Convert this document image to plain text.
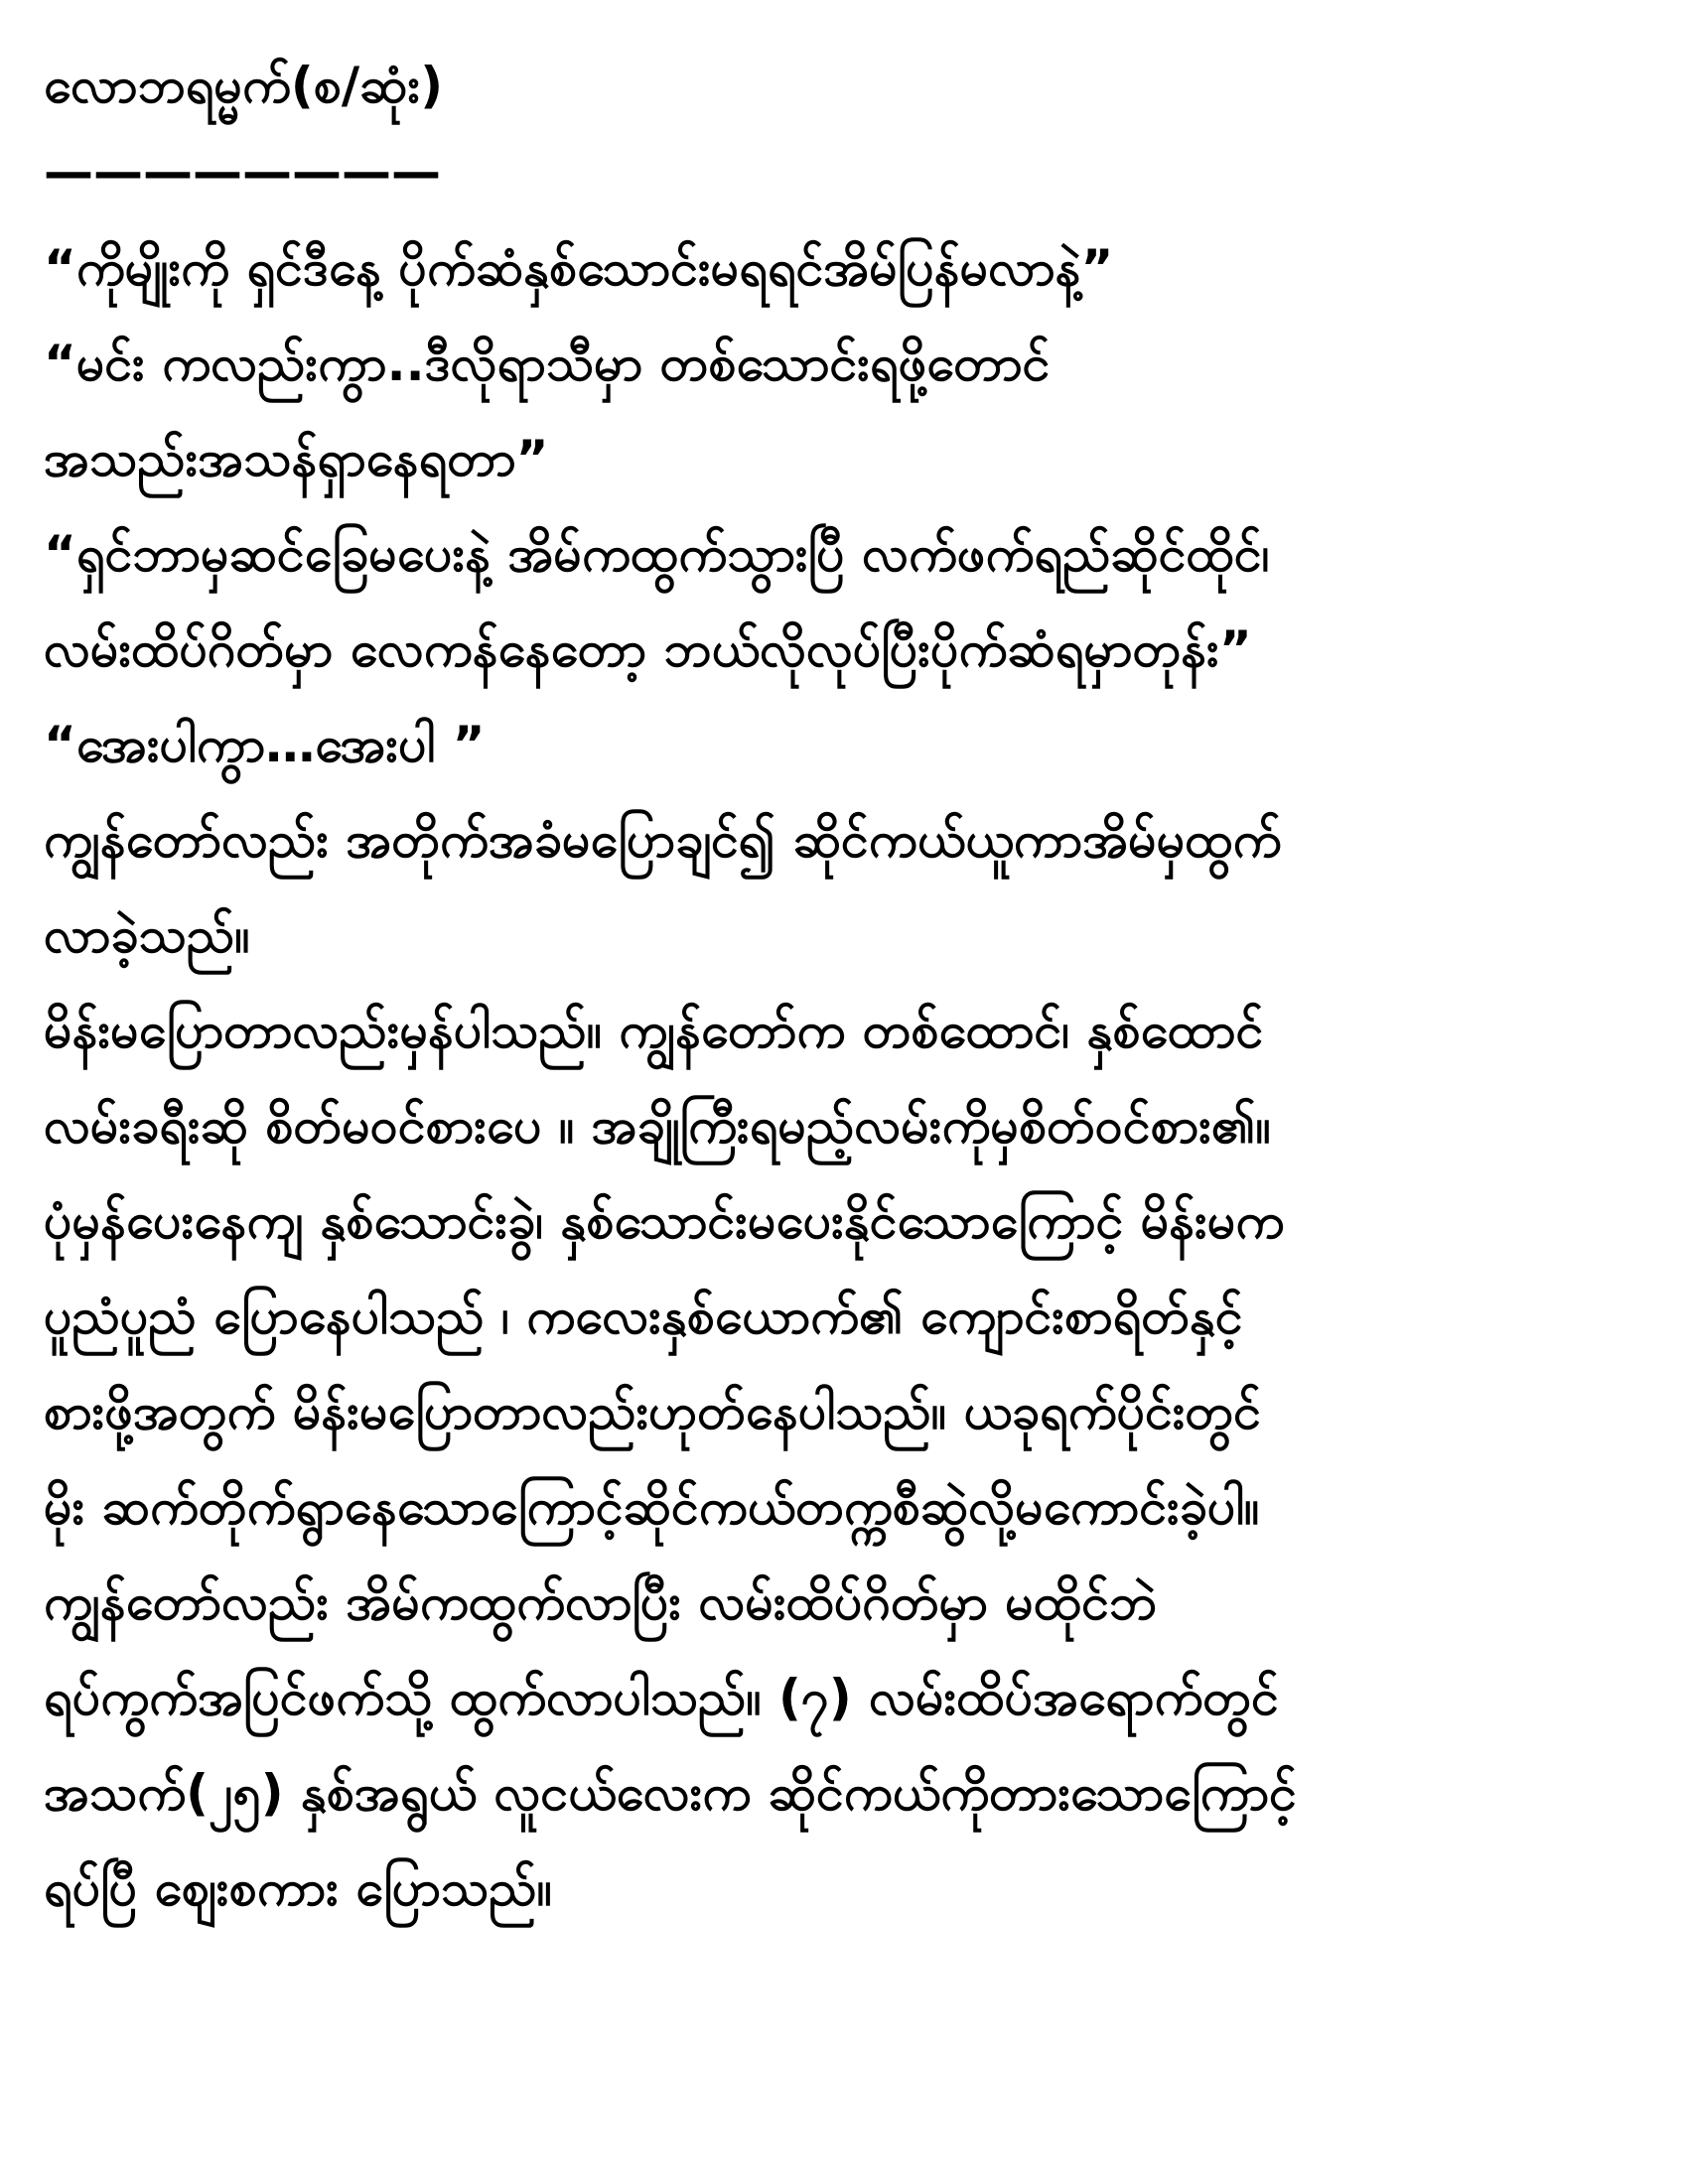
လောဘရမ္မက်(စ/ဆုံး)
————————

“ကိုမျိုးကို ရှင်ဒီနေ့ ပိုက်ဆံနှစ်သောင်းမရရင်အိမ်ပြန်မလာနဲ့”

“မင်း ကလည်းကွာ..ဒီလိုရာသီမှာ တစ်သောင်းရဖို့တောင်

အသည်းအသန်ရှာနေရတာ”

“ရှင်ဘာမှဆင်ခြေမပေးနဲ့ အိမ်ကထွက်သွားပြီ လက်ဖက်ရည်ဆိုင်ထိုင်၊

လမ်းထိပ်ဂိတ်မှာ လေကန်နေတော့ ဘယ်လိုလုပ်ပြီးပိုက်ဆံရမှာတုန်း”

“အေးပါကွာ…အေးပါ ”

ကျွန်တော်လည်း အတိုက်အခံမပြောချင်၍ ဆိုင်ကယ်ယူကာအိမ်မှထွက်

လာခဲ့သည်။

မိန်းမပြောတာလည်းမှန်ပါသည်။ ကျွန်တော်က တစ်ထောင်၊ နှစ်ထောင်

လမ်းခရီးဆို စိတ်မဝင်စားပေ ။ အချိုကြီးရမည့်လမ်းကိုမှစိတ်ဝင်စား၏။

ပုံမှန်ပေးနေကျ နှစ်သောင်းခွဲ၊ နှစ်သောင်းမပေးနိုင်သောကြောင့် မိန်းမက

ပူညံပူညံ ပြောနေပါသည် ၊ ကလေးနှစ်ယောက်၏ ကျောင်းစာရိတ်နှင့်

စားဖို့အတွက် မိန်းမပြောတာလည်းဟုတ်နေပါသည်။ ယခုရက်ပိုင်းတွင်

မိုး ဆက်တိုက်ရွာနေသောကြောင့်ဆိုင်ကယ်တက္ကစီဆွဲလို့မကောင်းခဲ့ပါ။

ကျွန်တော်လည်း အိမ်ကထွက်လာပြီး လမ်းထိပ်ဂိတ်မှာ မထိုင်ဘဲ

ရပ်ကွက်အပြင်ဖက်သို့ ထွက်လာပါသည်။ (၇) လမ်းထိပ်အရောက်တွင်

အသက်(၂၅) နှစ်အရွယ် လူငယ်လေးက ဆိုင်ကယ်ကိုတားသောကြောင့်

ရပ်ပြီ ဈေးစကား ပြောသည်။
